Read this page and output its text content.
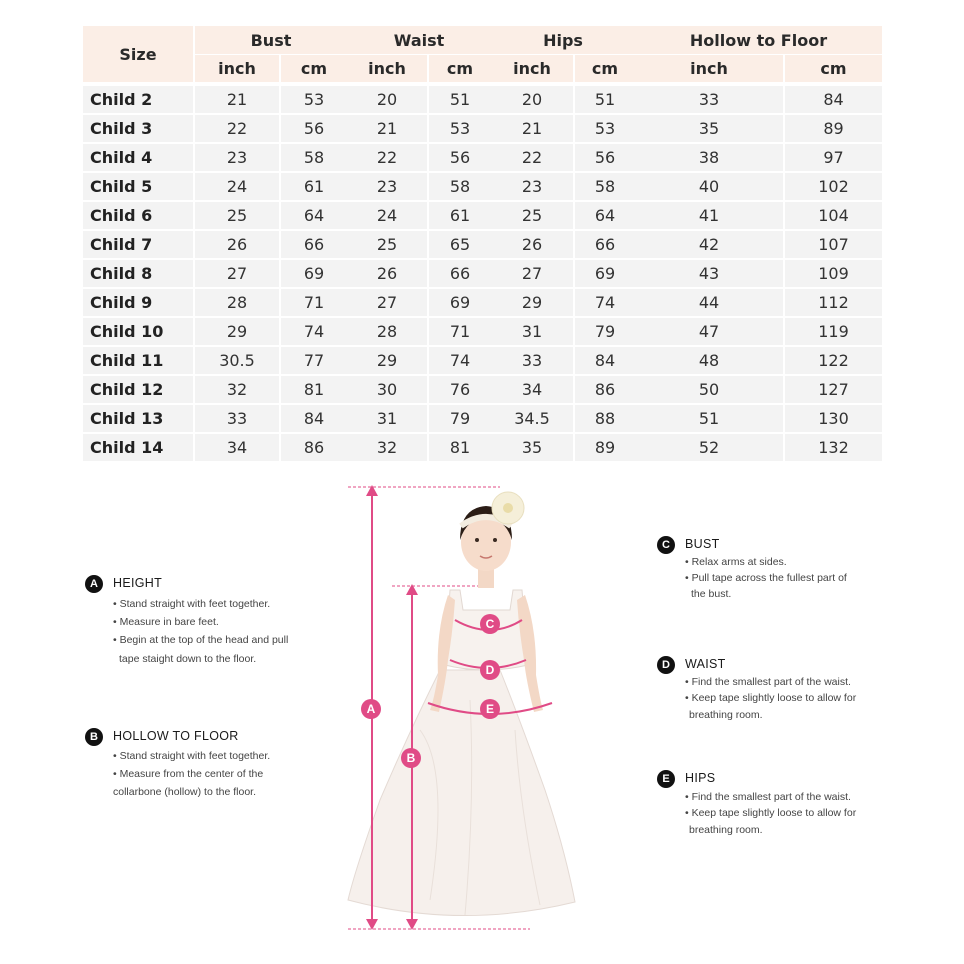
Size
Bust	Waist	Hips	Hollow to Floor
inch	cm	inch	cm	inch	cm	inch	cm
Child 2	21	53	20	51	20	51	33	84
Child 3	22	56	21	53	21	53	35	89
Child 4	23	58	22	56	22	56	38	97
Child 5	24	61	23	58	23	58	40	102
Child 6	25	64	24	61	25	64	41	104
Child 7	26	66	25	65	26	66	42	107
Child 8	27	69	26	66	27	69	43	109
Child 9	28	71	27	69	29	74	44	112
Child 10	29	74	28	71	31	79	47	119
Child 11	30.5	77	29	74	33	84	48	122
Child 12	32	81	30	76	34	86	50	127
Child 13	33	84	31	79	34.5	88	51	130
Child 14	34	86	32	81	35	89	52	132
A
B
C
D
E
A	HEIGHT
• Stand straight with feet together.
• Measure in bare feet.
• Begin at the top of the head and pull
tape staight down to the floor.
B	HOLLOW TO FLOOR
• Stand straight with feet together.
• Measure from the center of the
collarbone (hollow) to the floor.
C	BUST
• Relax arms at sides.
• Pull tape across the fullest part of
the bust.
D	WAIST
• Find the smallest part of the waist.
• Keep tape slightly loose to allow for
breathing room.
E	HIPS
• Find the smallest part of the waist.
• Keep tape slightly loose to allow for
breathing room.
